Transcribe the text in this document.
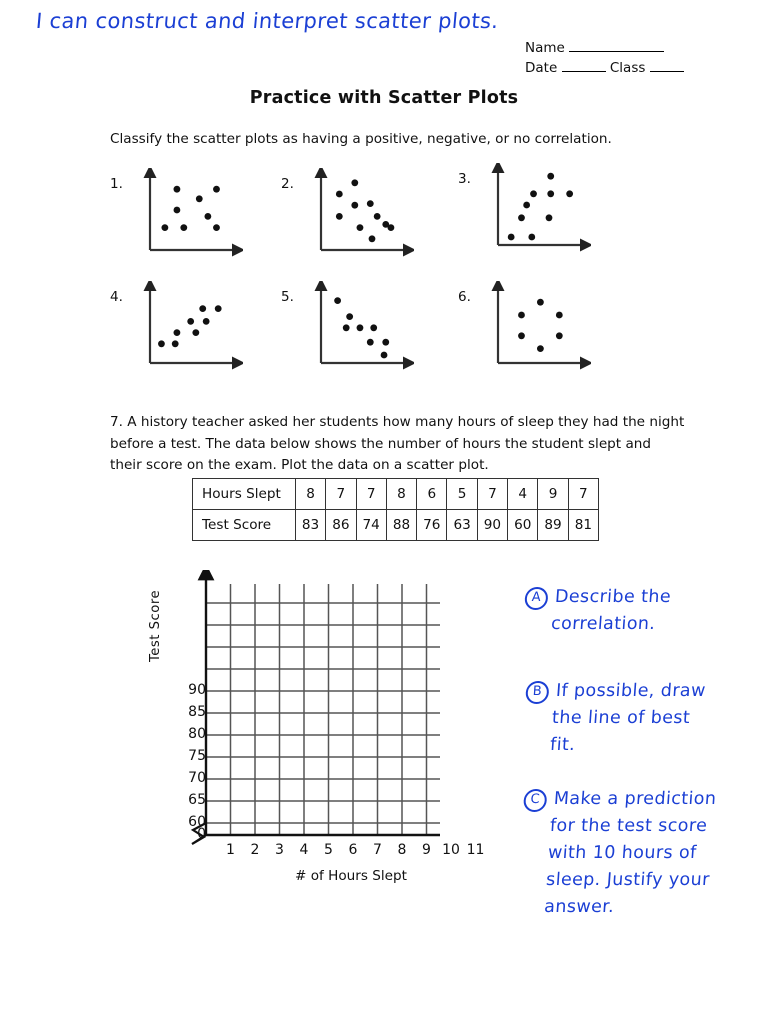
I can construct and interpret scatter plots.
Name
Date	Class
Practice with Scatter Plots
Classify the scatter plots as having a positive, negative, or no correlation.
1.	2.	3.
4.	5.	6.
7. A history teacher asked her students how many hours of sleep they had the night before a test. The data below shows the number of hours the student slept and their score on the exam. Plot the data on a scatter plot.
Hours Slept	8	7	7	8	6	5	7	4	9	7
Test Score	83	86	74	88	76	63	90	60	89	81
Test Score
90
85
80
75
70
65
60
0
1 2 3 4 5 6 7 8 9 10 11
# of Hours Slept
A Describe the
correlation.
B If possible, draw
the line of best
fit.
C Make a prediction
for the test score
with 10 hours of
sleep. Justify your
answer.
